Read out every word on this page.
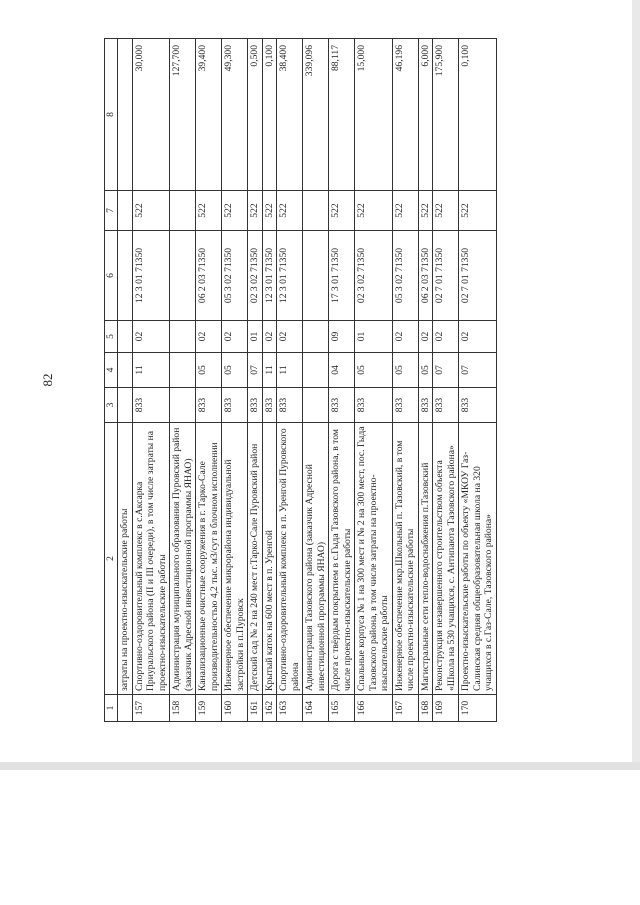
82
1	2	3	4	5	6	7	8
	затраты на проектно-изыскательские работы						
157	Спортивно-оздоровительный комплекс в с.Аксарка Приуральского района (II и III очереди), в том числе затраты на проектно-изыскательские работы	833	11	02	12 3 01 71350	522	30,000
158	Администрация муниципального образования Пуровский район (заказчик Адресной инвестиционной программы ЯНАО)						127,700
159	Канализационные очистные сооружения в г. Тарко-Сале производительностью 4,2 тыс. м3/сут в блочном исполнении	833	05	02	06 2 03 71350	522	39,400
160	Инженерное обеспечение микрорайона индивидуальной застройки в п.Пуровск	833	05	02	05 3 02 71350	522	49,300
161	Детский сад № 2 на 240 мест г.Тарко-Сале Пуровский район	833	07	01	02 3 02 71350	522	0,500
162	Крытый каток на 600 мест в п. Уренгой	833	11	02	12 3 01 71350	522	0,100
163	Спортивно-оздоровительный комплекс в п. Уренгой Пуровского района	833	11	02	12 3 01 71350	522	38,400
164	Администрация Тазовского района (заказчик Адресной инвестиционной программы ЯНАО)						339,096
165	Дорога с твёрдым покрытием в с.Гыда Тазовского района, в том числе проектно-изыскательские работы	833	04	09	17 3 01 71350	522	88,117
166	Спальные корпуса № 1 на 300 мест и № 2 на 300 мест, пос. Гыда Тазовского района, в том числе затраты на проектно-изыскательские работы	833	05	01	02 3 02 71350	522	15,000
167	Инженерное обеспечение мкр.Школьный п. Тазовский, в том числе проектно-изыскательские работы	833	05	02	05 3 02 71350	522	46,196
168	Магистральные сети тепло-водоснабжения п.Тазовский	833	05	02	06 2 03 71350	522	6,000
169	Реконструкция незавершенного строительством объекта «Школа на 530 учащихся, с. Антипаюта Тазовского района»	833	07	02	02 7 01 71350	522	175,900
170	Проектно-изыскательские работы по объекту «МКОУ Газ-Салинская средняя общеобразовательная школа на 320 учащихся в с.Газ-Сале, Тазовского района»	833	07	02	02 7 01 71350	522	0,100
